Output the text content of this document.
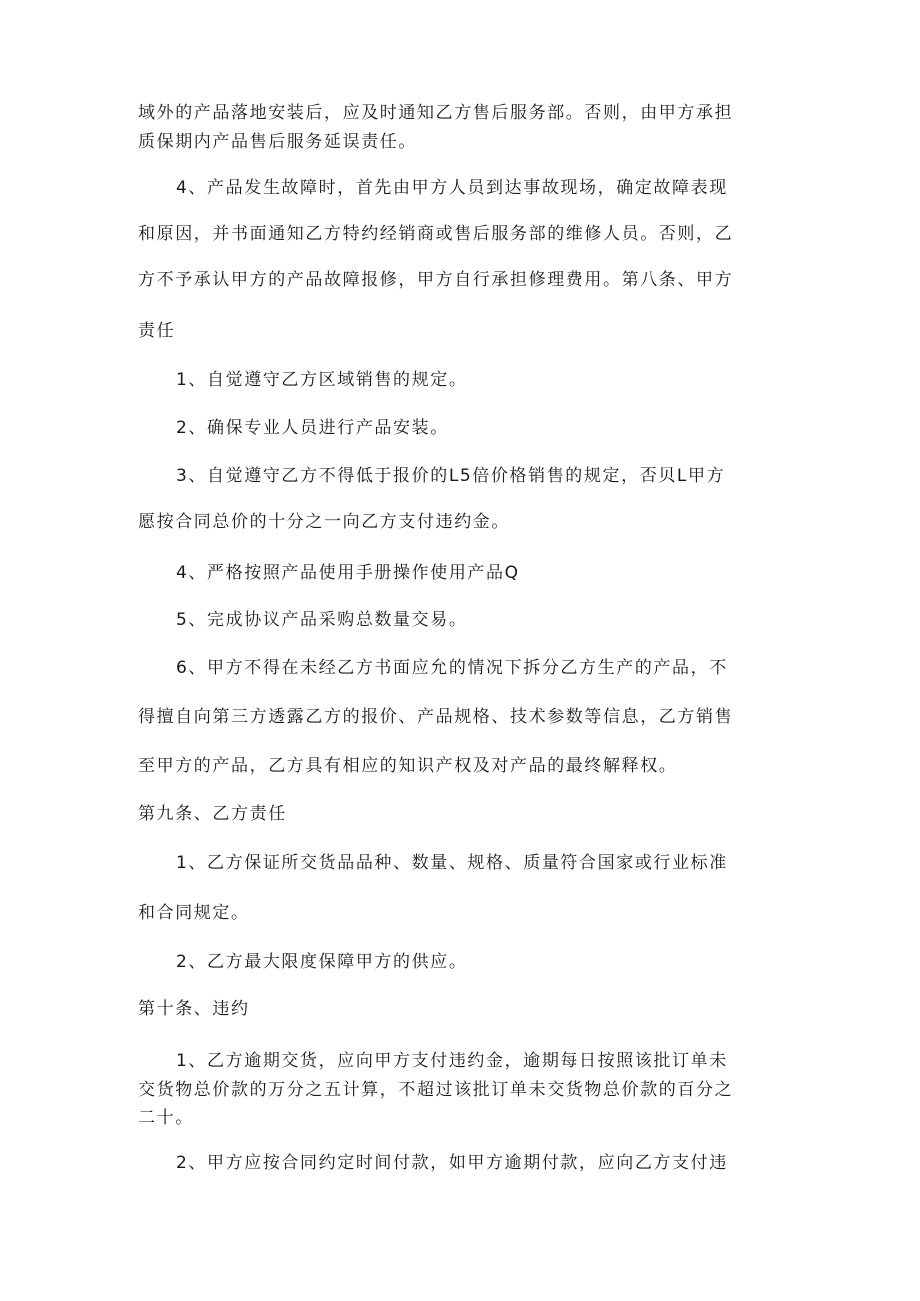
域外的产品落地安装后，应及时通知乙方售后服务部。否则，由甲方承担
质保期内产品售后服务延误责任。
4、产品发生故障时，首先由甲方人员到达事故现场，确定故障表现
和原因，并书面通知乙方特约经销商或售后服务部的维修人员。否则，乙
方不予承认甲方的产品故障报修，甲方自行承担修理费用。第八条、甲方
责任
1、自觉遵守乙方区域销售的规定。
2、确保专业人员进行产品安装。
3、自觉遵守乙方不得低于报价的L5倍价格销售的规定，否贝L甲方
愿按合同总价的十分之一向乙方支付违约金。
4、严格按照产品使用手册操作使用产品Q
5、完成协议产品采购总数量交易。
6、甲方不得在未经乙方书面应允的情况下拆分乙方生产的产品，不
得擅自向第三方透露乙方的报价、产品规格、技术参数等信息，乙方销售
至甲方的产品，乙方具有相应的知识产权及对产品的最终解释权。
第九条、乙方责任
1、乙方保证所交货品品种、数量、规格、质量符合国家或行业标准
和合同规定。
2、乙方最大限度保障甲方的供应。
第十条、违约
1、乙方逾期交货，应向甲方支付违约金，逾期每日按照该批订单未
交货物总价款的万分之五计算，不超过该批订单未交货物总价款的百分之
二十。
2、甲方应按合同约定时间付款，如甲方逾期付款，应向乙方支付违
